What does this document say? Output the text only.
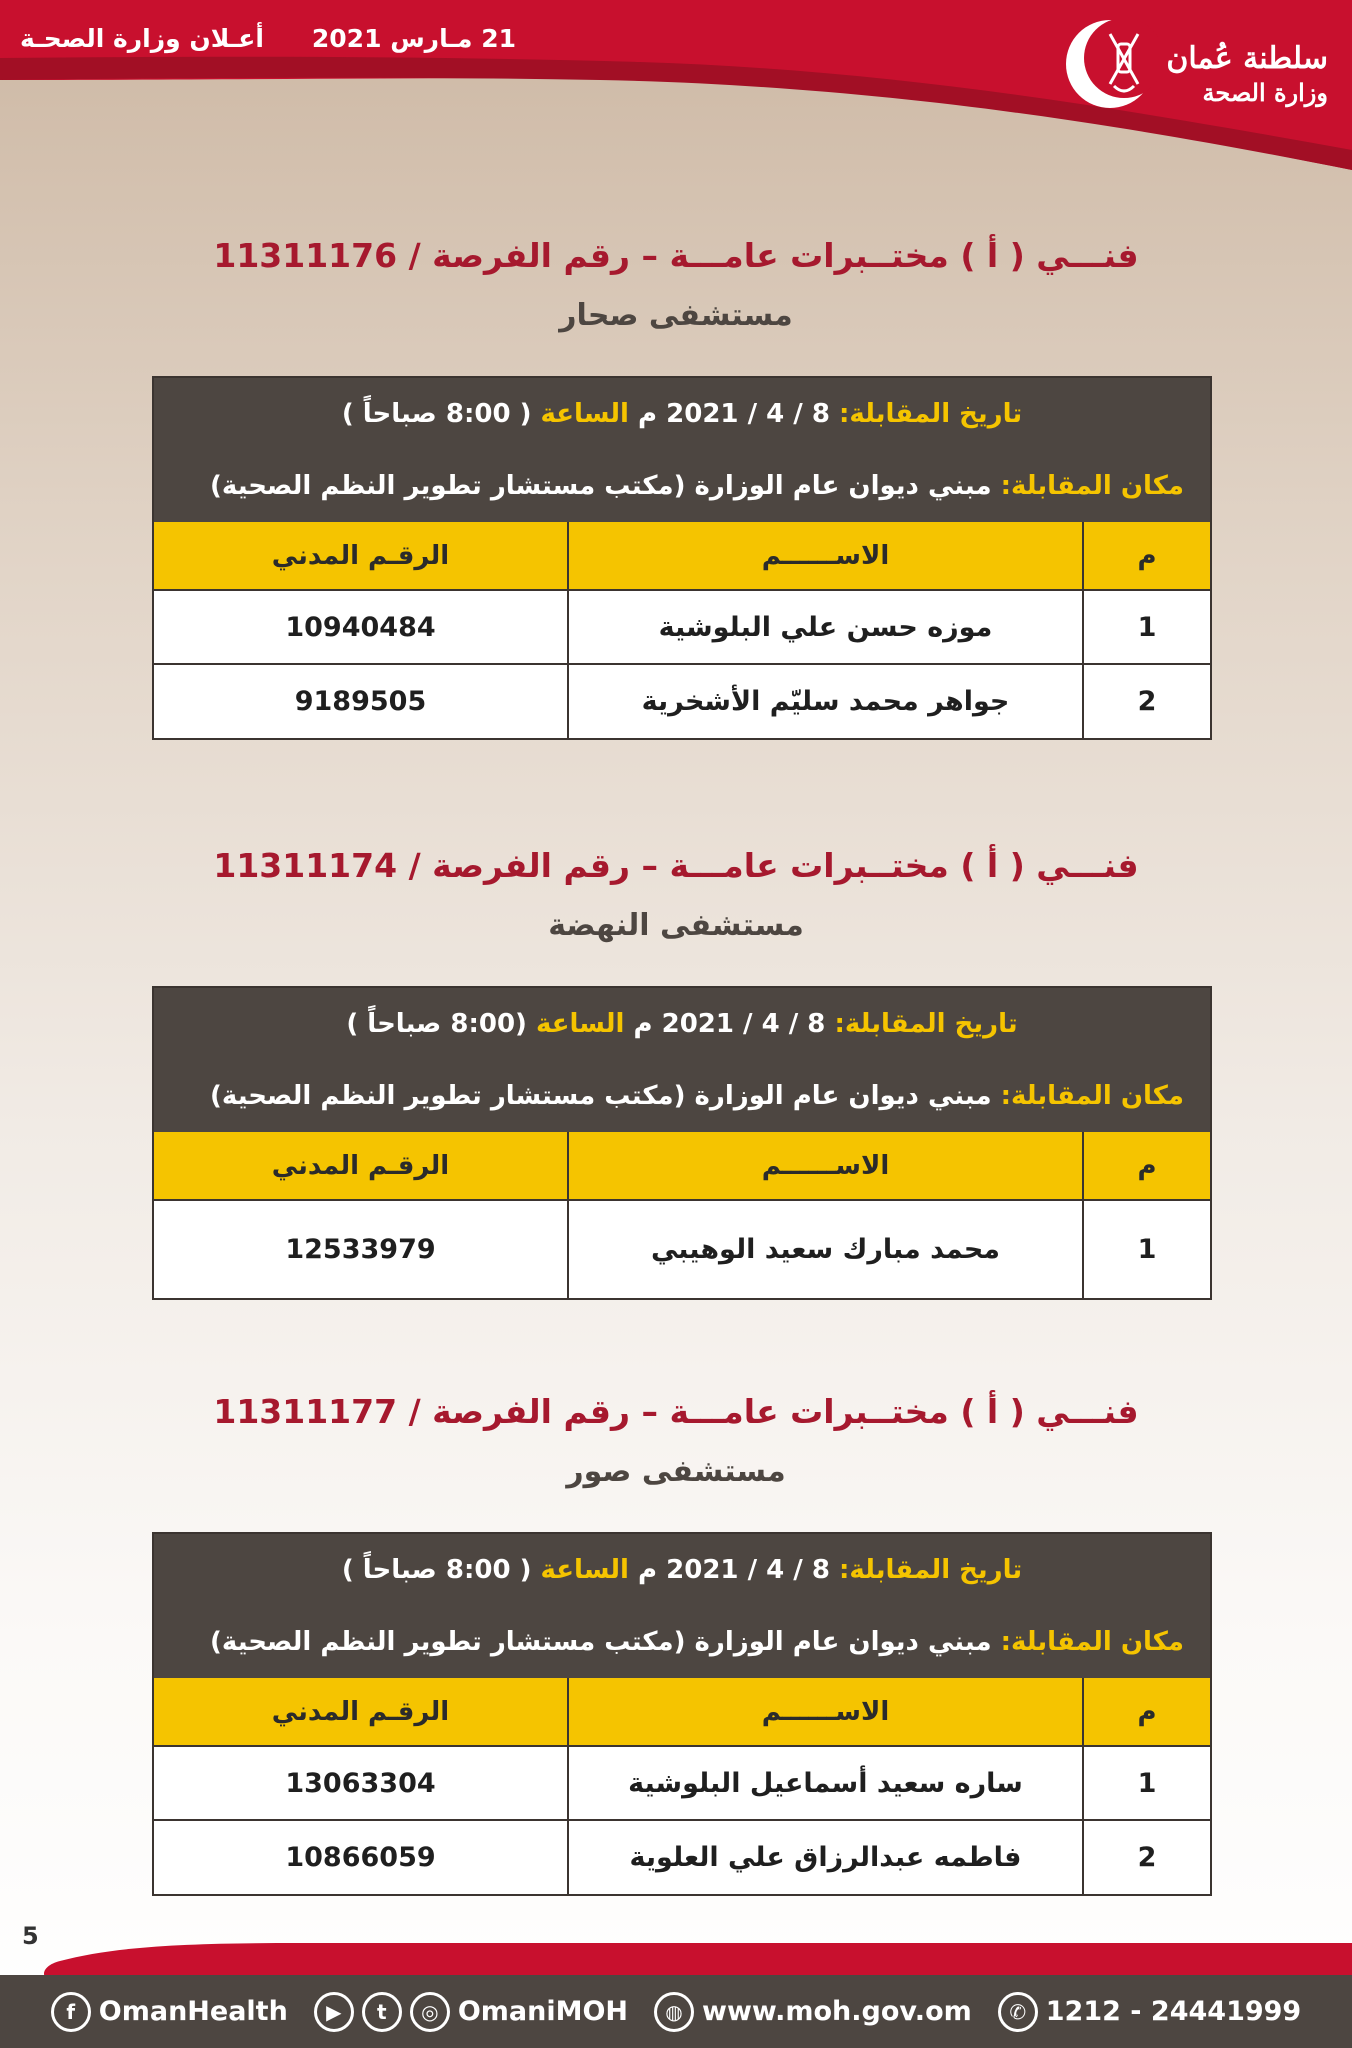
21 مـارس 2021
أعـلان وزارة الصحـة
سلطنة عُمان
وزارة الصحة
فنـــي ( أ ) مختــبرات عامـــة – رقم الفرصة / 11311176
مستشفى صحار
تاريخ المقابلة:

8 / 4 / 2021 م

الساعة

( 8:00 صباحاً )
مكان المقابلة:

مبني ديوان عام الوزارة (مكتب مستشار تطوير النظم الصحية)
م	الاســــــم	الرقـم المدني
1	موزه حسن علي البلوشية	10940484
2	جواهر محمد سليّم الأشخرية	9189505
فنـــي ( أ ) مختــبرات عامـــة – رقم الفرصة / 11311174
مستشفى النهضة
تاريخ المقابلة:

8 / 4 / 2021 م

الساعة

(8:00 صباحاً )
مكان المقابلة:

مبني ديوان عام الوزارة (مكتب مستشار تطوير النظم الصحية)
م	الاســــــم	الرقـم المدني
1	محمد مبارك سعيد الوهيبي	12533979
فنـــي ( أ ) مختــبرات عامـــة – رقم الفرصة / 11311177
مستشفى صور
تاريخ المقابلة:

8 / 4 / 2021 م

الساعة

( 8:00 صباحاً )
مكان المقابلة:

مبني ديوان عام الوزارة (مكتب مستشار تطوير النظم الصحية)
م	الاســــــم	الرقـم المدني
1	ساره سعيد أسماعيل البلوشية	13063304
2	فاطمه عبدالرزاق علي العلوية	10866059
5
f OmanHealth	▶	t	◎ OmaniMOH	◍ www.moh.gov.om	✆ 1212 - 24441999
